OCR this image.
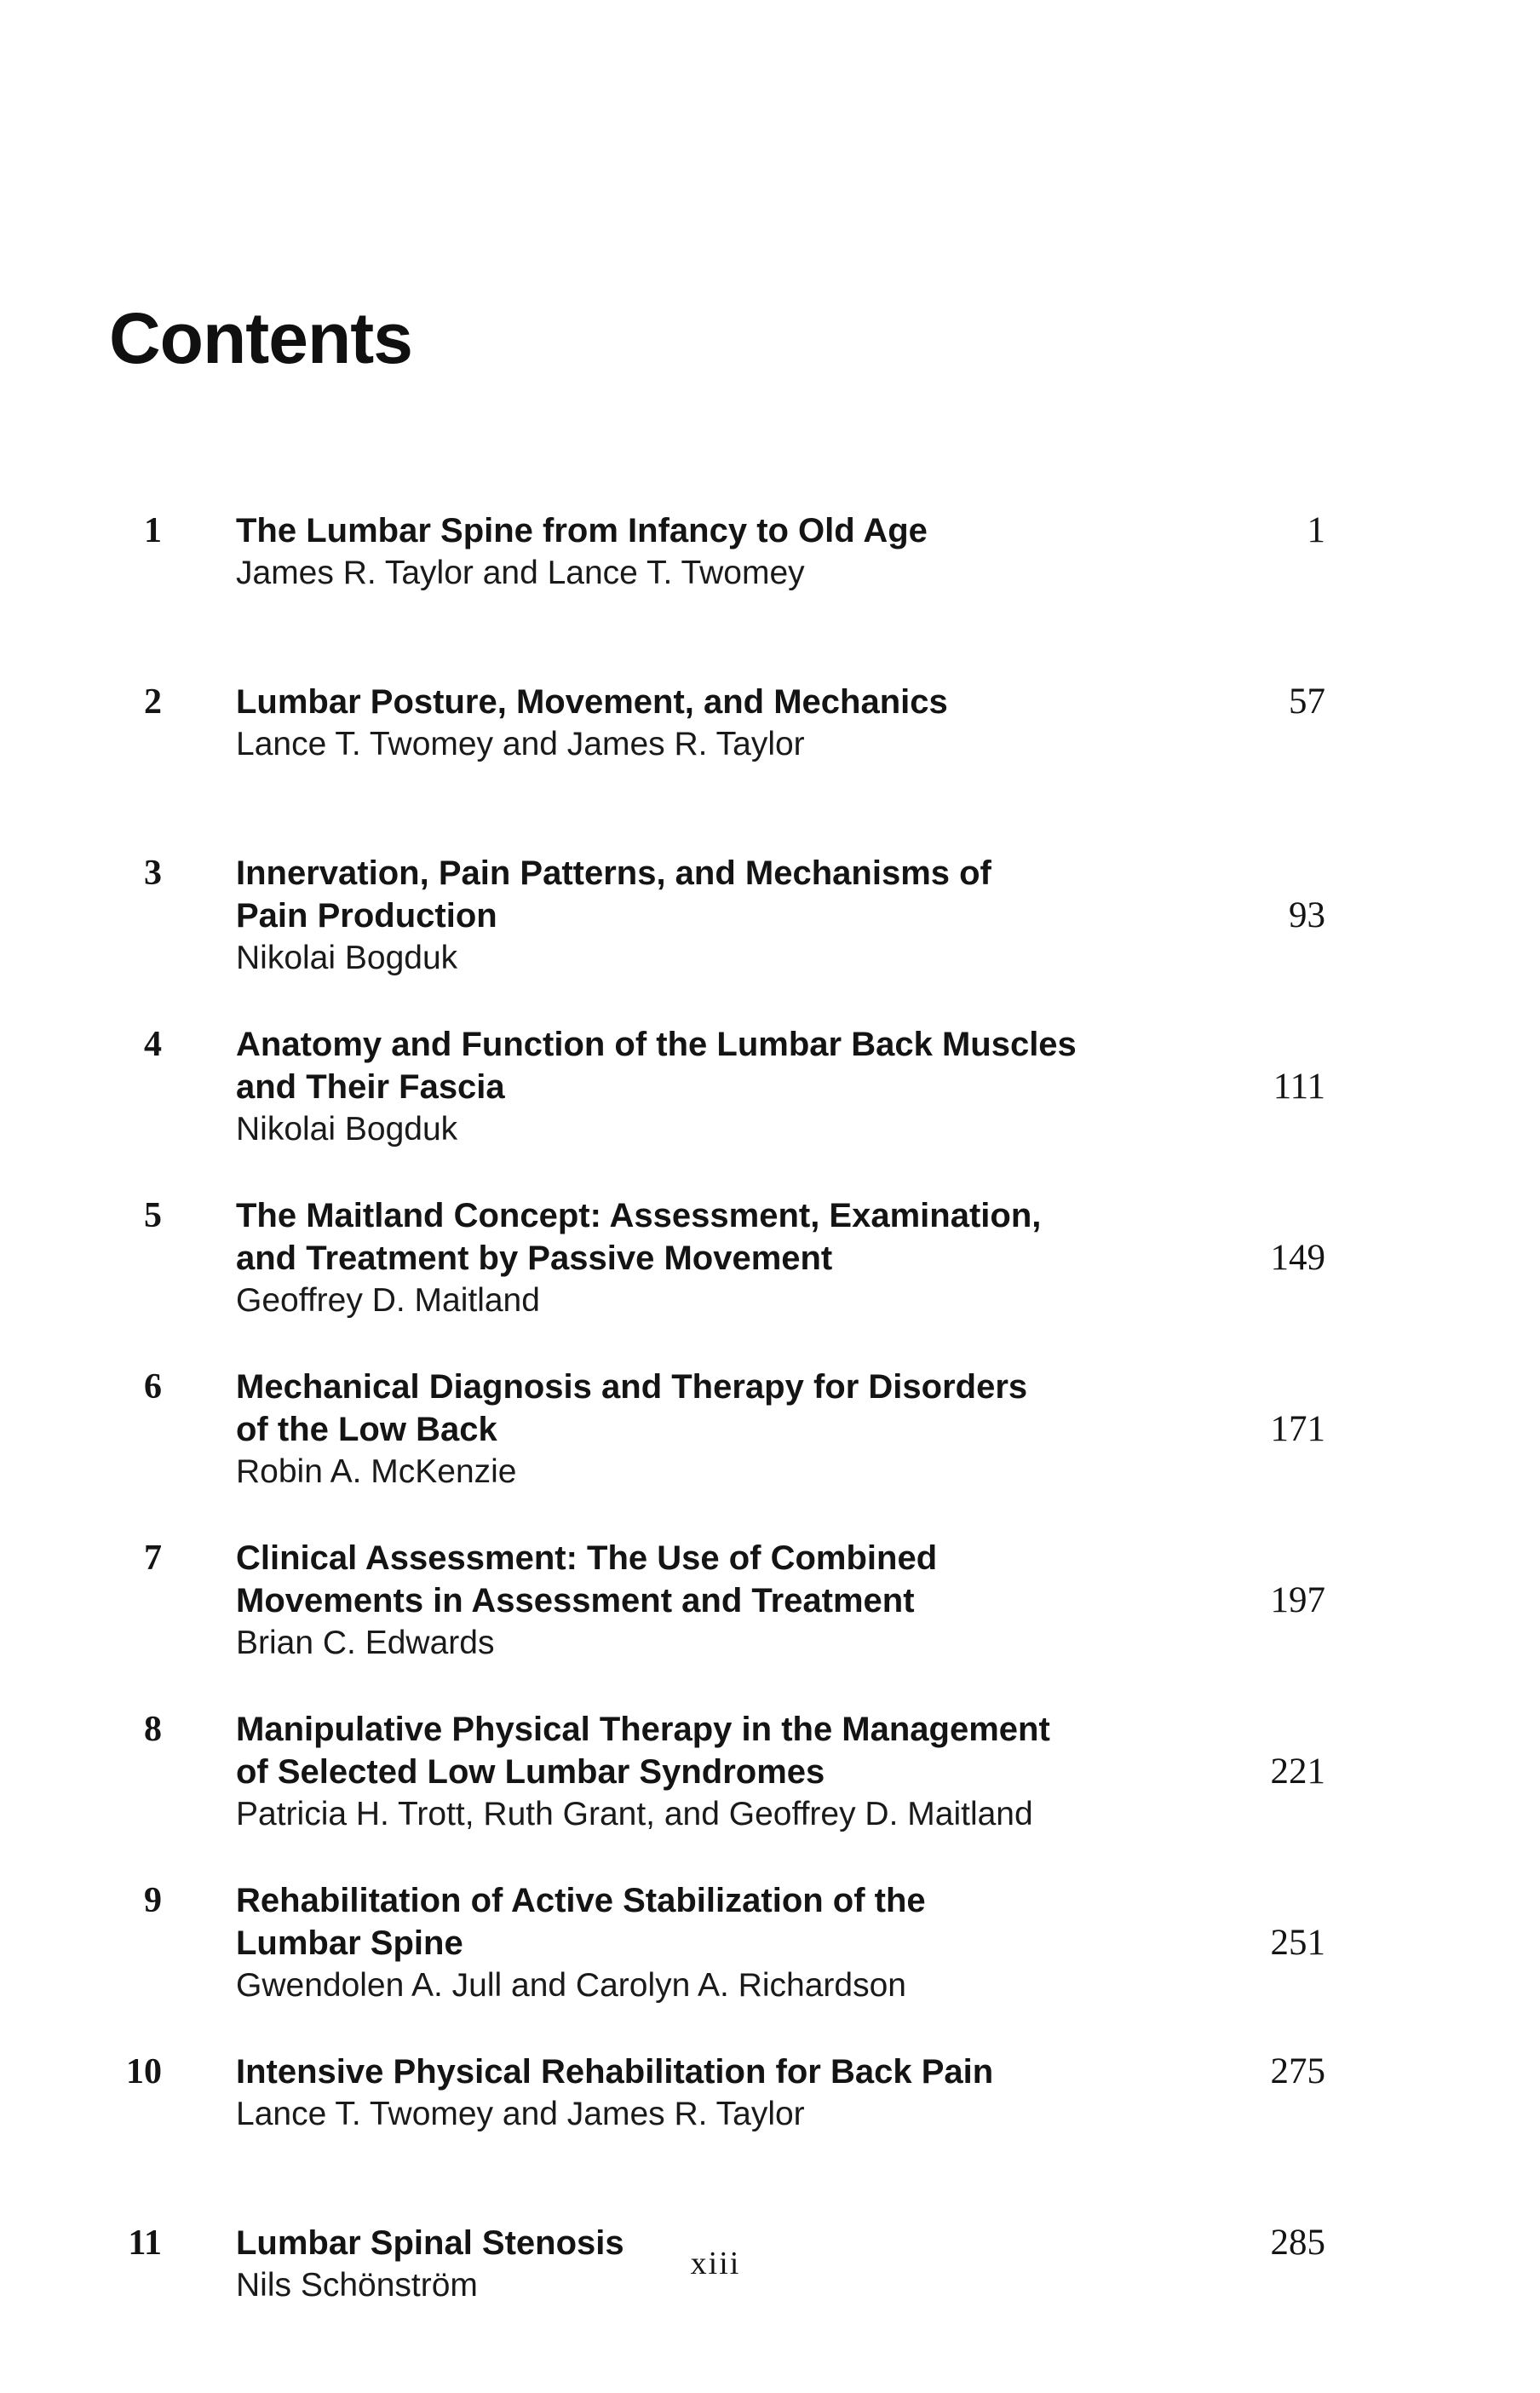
Contents
1 The Lumbar Spine from Infancy to Old Age
James R. Taylor and Lance T. Twomey
1
2 Lumbar Posture, Movement, and Mechanics
Lance T. Twomey and James R. Taylor
57
3 Innervation, Pain Patterns, and Mechanisms of
Pain Production
Nikolai Bogduk
93
4 Anatomy and Function of the Lumbar Back Muscles
and Their Fascia
Nikolai Bogduk
111
5 The Maitland Concept: Assessment, Examination,
and Treatment by Passive Movement
Geoffrey D. Maitland
149
6 Mechanical Diagnosis and Therapy for Disorders
of the Low Back
Robin A. McKenzie
171
7 Clinical Assessment: The Use of Combined
Movements in Assessment and Treatment
Brian C. Edwards
197
8 Manipulative Physical Therapy in the Management
of Selected Low Lumbar Syndromes
Patricia H. Trott, Ruth Grant, and Geoffrey D. Maitland
221
9 Rehabilitation of Active Stabilization of the
Lumbar Spine
Gwendolen A. Jull and Carolyn A. Richardson
251
10 Intensive Physical Rehabilitation for Back Pain
Lance T. Twomey and James R. Taylor
275
11 Lumbar Spinal Stenosis
Nils Schönström
285
xiii
